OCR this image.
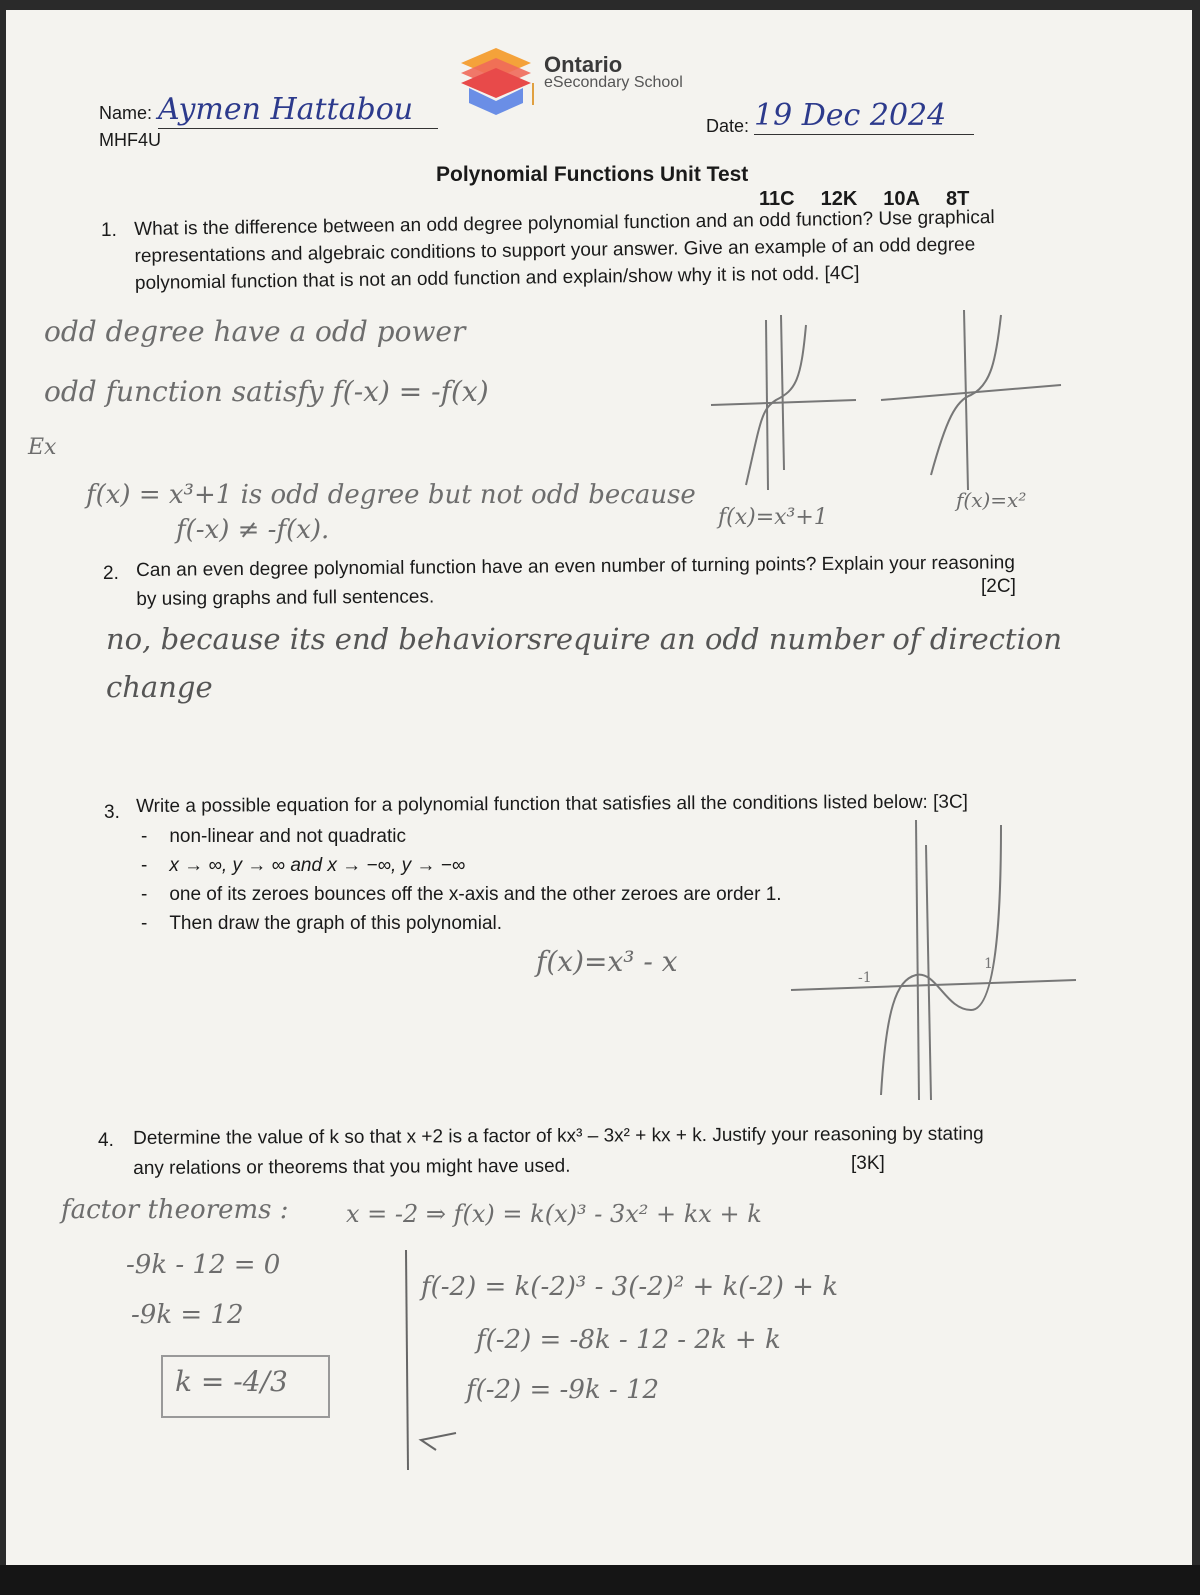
Ontario
eSecondary School
Name: Aymen Hattabou
MHF4U
Date: 19 Dec 2024
Polynomial Functions Unit Test
11C 12K 10A 8T
1. What is the difference between an odd degree polynomial function and an odd function? Use graphical
representations and algebraic conditions to support your answer. Give an example of an odd degree
polynomial function that is not an odd function and explain/show why it is not odd. [4C]
odd degree have a odd power
odd function satisfy f(-x) = -f(x)
Ex
f(x) = x³+1 is odd degree but not odd because
f(-x) ≠ -f(x).	f(x)=x³+1
f(x)=x²
2. Can an even degree polynomial function have an even number of turning points? Explain your reasoning
by using graphs and full sentences.	[2C]
no, because its end behaviorsrequire an odd number of direction
change
3. Write a possible equation for a polynomial function that satisfies all the conditions listed below: [3C]
- non-linear and not quadratic
- x → ∞, y → ∞ and x → −∞, y → −∞
- one of its zeroes bounces off the x-axis and the other zeroes are order 1.
- Then draw the graph of this polynomial.
f(x)=x³ - x	-1
1
4. Determine the value of k so that x +2 is a factor of kx³ – 3x² + kx + k. Justify your reasoning by stating
any relations or theorems that you might have used.	[3K]
factor theorems :
-9k - 12 = 0
-9k = 12
k = -4/3
x = -2 ⇒ f(x) = k(x)³ - 3x² + kx + k
f(-2) = k(-2)³ - 3(-2)² + k(-2) + k
f(-2) = -8k - 12 - 2k + k
f(-2) = -9k - 12
